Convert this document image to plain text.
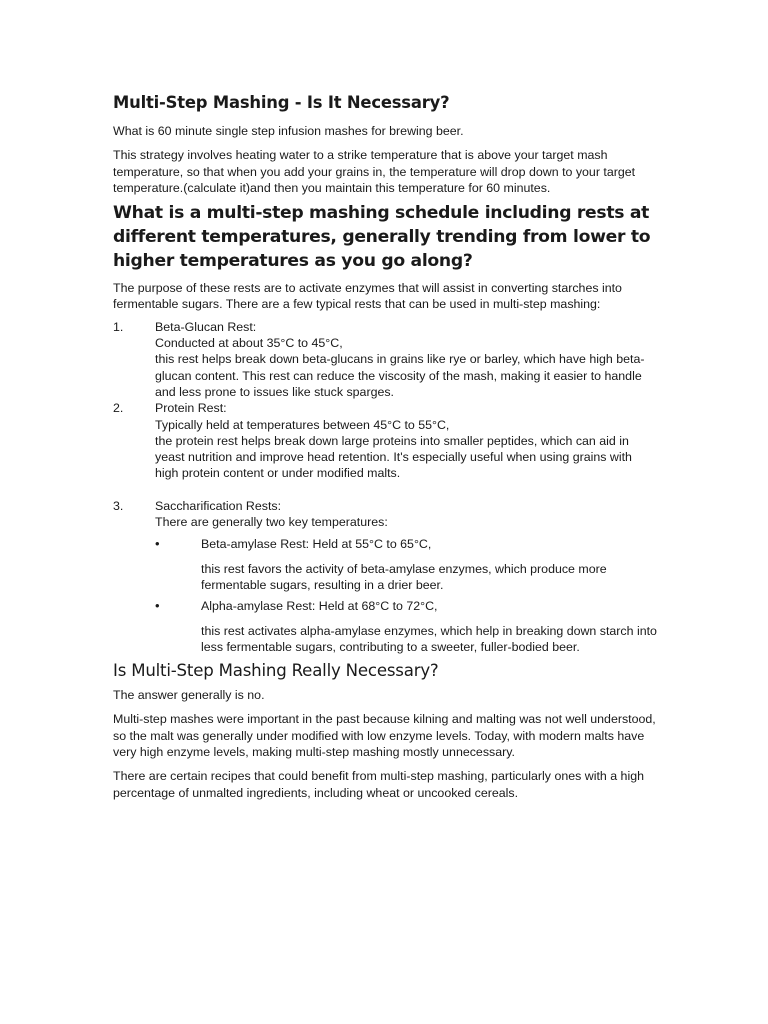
Multi-Step Mashing - Is It Necessary?

What is 60 minute single step infusion mashes for brewing beer.

This strategy involves heating water to a strike temperature that is above your target mash temperature, so that when you add your grains in, the temperature will drop down to your target temperature.(calculate it)and then you maintain this temperature for 60 minutes.

What is a multi-step mashing schedule including rests at different temperatures, generally trending from lower to higher temperatures as you go along?

The purpose of these rests are to activate enzymes that will assist in converting starches into fermentable sugars. There are a few typical rests that can be used in multi-step mashing:

1.	Beta-Glucan Rest:
Conducted at about 35°C to 45°C,
this rest helps break down beta-glucans in grains like rye or barley, which have high beta-glucan content. This rest can reduce the viscosity of the mash, making it easier to handle and less prone to issues like stuck sparges.
2.	Protein Rest:
Typically held at temperatures between 45°C to 55°C,
the protein rest helps break down large proteins into smaller peptides, which can aid in yeast nutrition and improve head retention. It's especially useful when using grains with high protein content or under modified malts.
3.	Saccharification Rests:
There are generally two key temperatures:
•	Beta-amylase Rest: Held at 55°C to 65°C,
this rest favors the activity of beta-amylase enzymes, which produce more fermentable sugars, resulting in a drier beer.
•	Alpha-amylase Rest: Held at 68°C to 72°C,
this rest activates alpha-amylase enzymes, which help in breaking down starch into less fermentable sugars, contributing to a sweeter, fuller-bodied beer.
Is Multi-Step Mashing Really Necessary?

The answer generally is no.

Multi-step mashes were important in the past because kilning and malting was not well understood, so the malt was generally under modified with low enzyme levels. Today, with modern malts have very high enzyme levels, making multi-step mashing mostly unnecessary.

There are certain recipes that could benefit from multi-step mashing, particularly ones with a high percentage of unmalted ingredients, including wheat or uncooked cereals.
